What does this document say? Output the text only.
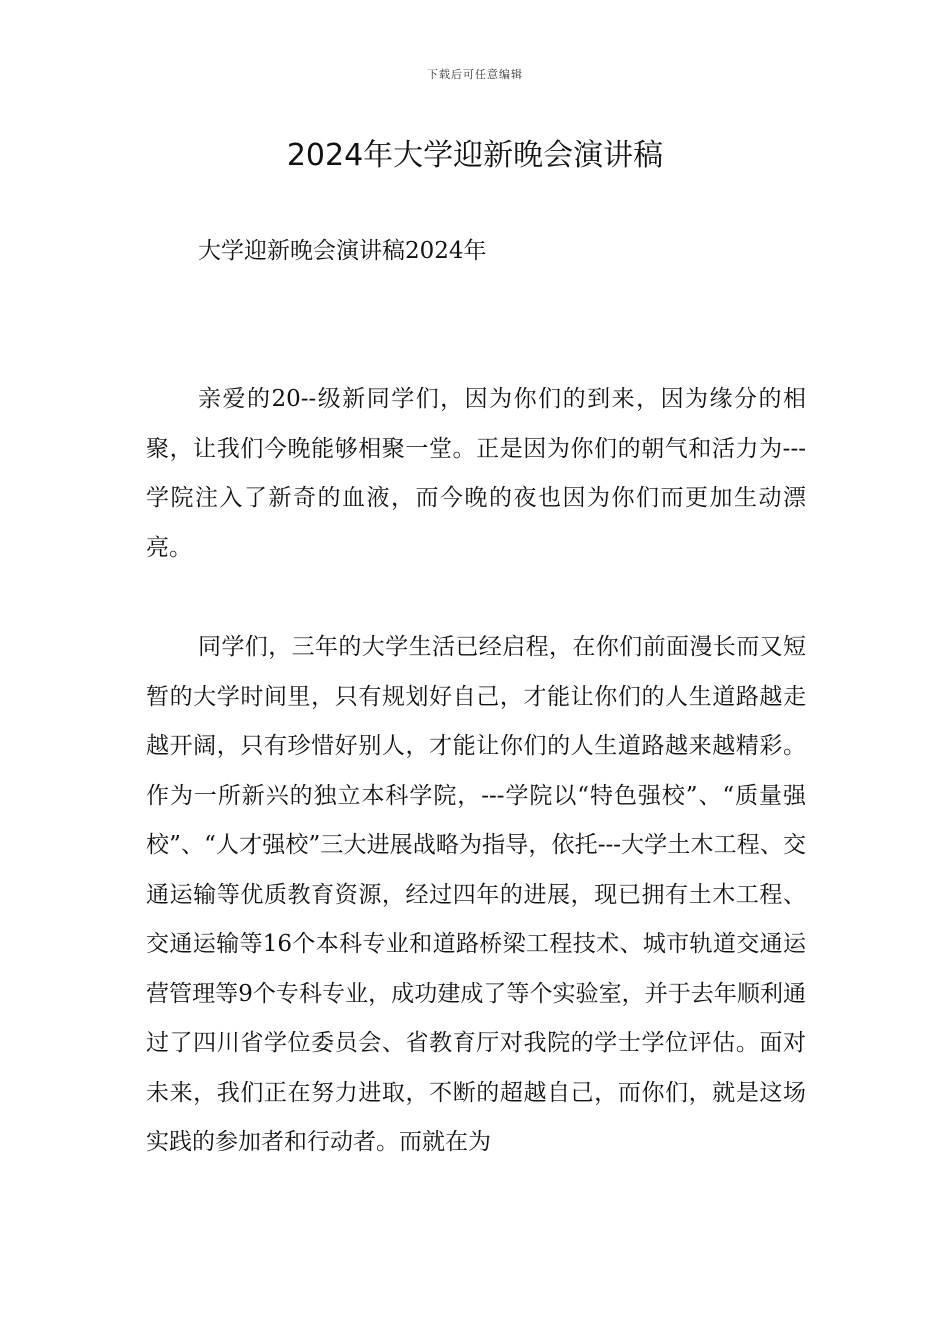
下载后可任意编辑
2024年大学迎新晚会演讲稿
大学迎新晚会演讲稿2024年

亲爱的20--级新同学们，因为你们的到来，因为缘分的相聚，让我们今晚能够相聚一堂。正是因为你们的朝气和活力为---学院注入了新奇的血液，而今晚的夜也因为你们而更加生动漂亮。

同学们，三年的大学生活已经启程，在你们前面漫长而又短暂的大学时间里，只有规划好自己，才能让你们的人生道路越走越开阔，只有珍惜好别人，才能让你们的人生道路越来越精彩。作为一所新兴的独立本科学院，---学院以“特色强校”、“质量强校”、“人才强校”三大进展战略为指导，依托---大学土木工程、交通运输等优质教育资源，经过四年的进展，现已拥有土木工程、交通运输等16个本科专业和道路桥梁工程技术、城市轨道交通运营管理等9个专科专业，成功建成了等个实验室，并于去年顺利通过了四川省学位委员会、省教育厅对我院的学士学位评估。面对未来，我们正在努力进取，不断的超越自己，而你们，就是这场实践的参加者和行动者。而就在为
